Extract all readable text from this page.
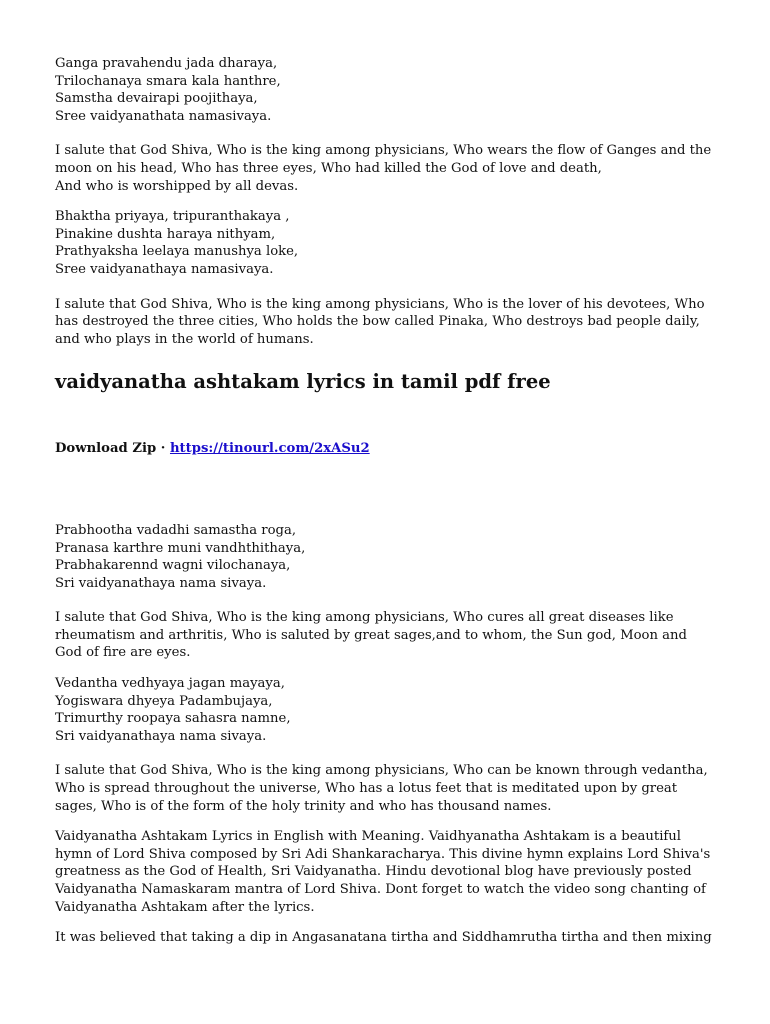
Ganga pravahendu jada dharaya,
Trilochanaya smara kala hanthre,
Samstha devairapi poojithaya,
Sree vaidyanathata namasivaya.

I salute that God Shiva, Who is the king among physicians, Who wears the flow of Ganges and the moon on his head, Who has three eyes, Who had killed the God of love and death,

And who is worshipped by all devas.

Bhaktha priyaya, tripuranthakaya ,
Pinakine dushta haraya nithyam,
Prathyaksha leelaya manushya loke,
Sree vaidyanathaya namasivaya.

I salute that God Shiva, Who is the king among physicians, Who is the lover of his devotees, Who has destroyed the three cities, Who holds the bow called Pinaka, Who destroys bad people daily, and who plays in the world of humans.

vaidyanatha ashtakam lyrics in tamil pdf free

Download Zip · https://tinourl.com/2xASu2

Prabhootha vadadhi samastha roga,
Pranasa karthre muni vandhthithaya,
Prabhakarennd wagni vilochanaya,
Sri vaidyanathaya nama sivaya.

I salute that God Shiva, Who is the king among physicians, Who cures all great diseases like rheumatism and arthritis, Who is saluted by great sages,and to whom, the Sun god, Moon and God of fire are eyes.

Vedantha vedhyaya jagan mayaya,
Yogiswara dhyeya Padambujaya,
Trimurthy roopaya sahasra namne,
Sri vaidyanathaya nama sivaya.

I salute that God Shiva, Who is the king among physicians, Who can be known through vedantha, Who is spread throughout the universe, Who has a lotus feet that is meditated upon by great sages, Who is of the form of the holy trinity and who has thousand names.

Vaidyanatha Ashtakam Lyrics in English with Meaning. Vaidhyanatha Ashtakam is a beautiful hymn of Lord Shiva composed by Sri Adi Shankaracharya. This divine hymn explains Lord Shiva's greatness as the God of Health, Sri Vaidyanatha. Hindu devotional blog have previously posted Vaidyanatha Namaskaram mantra of Lord Shiva. Dont forget to watch the video song chanting of Vaidyanatha Ashtakam after the lyrics.

It was believed that taking a dip in Angasanatana tirtha and Siddhamrutha tirtha and then mixing
